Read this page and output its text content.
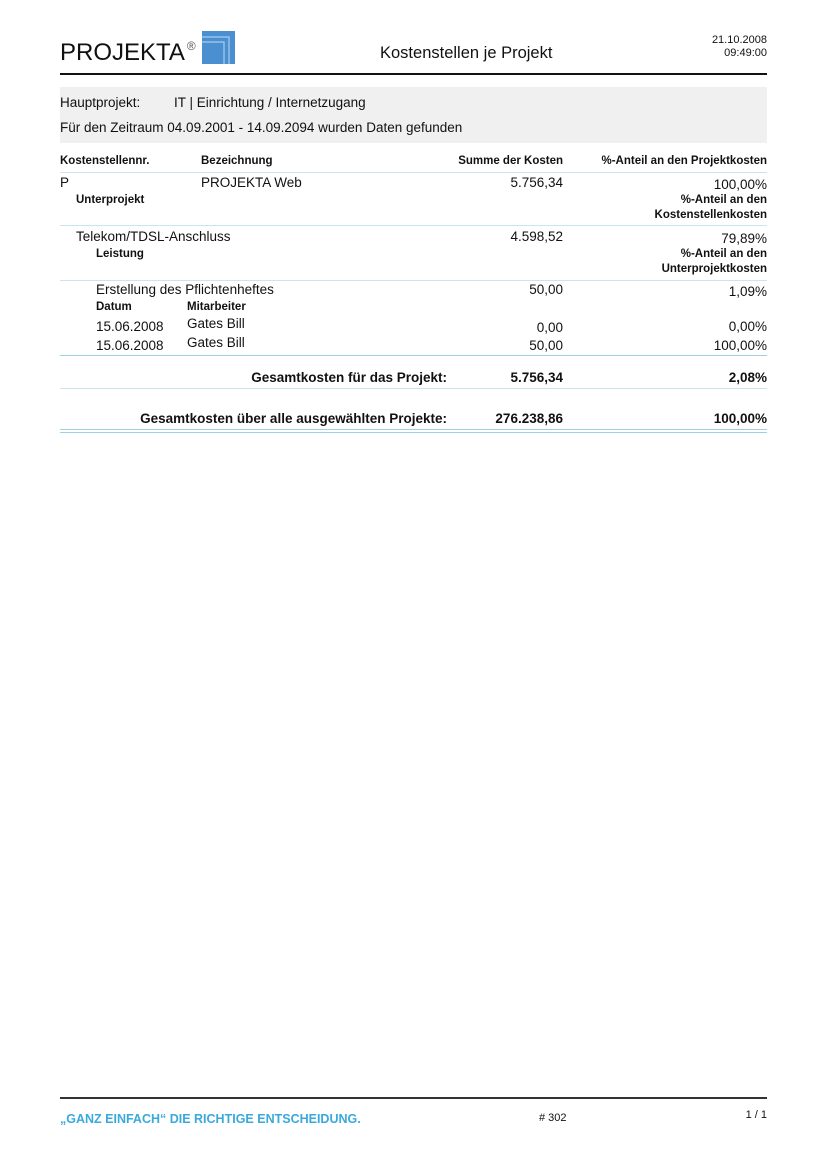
PROJEKTA ®	Kostenstellen je Projekt
21.10.2008
09:49:00
Hauptprojekt: IT | Einrichtung / Internetzugang
Für den Zeitraum 04.09.2001 - 14.09.2094 wurden Daten gefunden
Kostenstellennr.	Bezeichnung	Summe der Kosten	%-Anteil an den Projektkosten
P	PROJEKTA Web	5.756,34	100,00%
Unterprojekt	%-Anteil an den
Kostenstellenkosten
Telekom/TDSL-Anschluss	4.598,52	79,89%
Leistung	%-Anteil an den
Unterprojektkosten
Erstellung des Pflichtenheftes	50,00	1,09%
Datum	Mitarbeiter
15.06.2008 Gates Bill	0,00	0,00%
15.06.2008 Gates Bill	50,00	100,00%
Gesamtkosten für das Projekt:	5.756,34	2,08%
Gesamtkosten über alle ausgewählten Projekte:	276.238,86	100,00%
„GANZ EINFACH“ DIE RICHTIGE ENTSCHEIDUNG.	# 302	1 / 1
